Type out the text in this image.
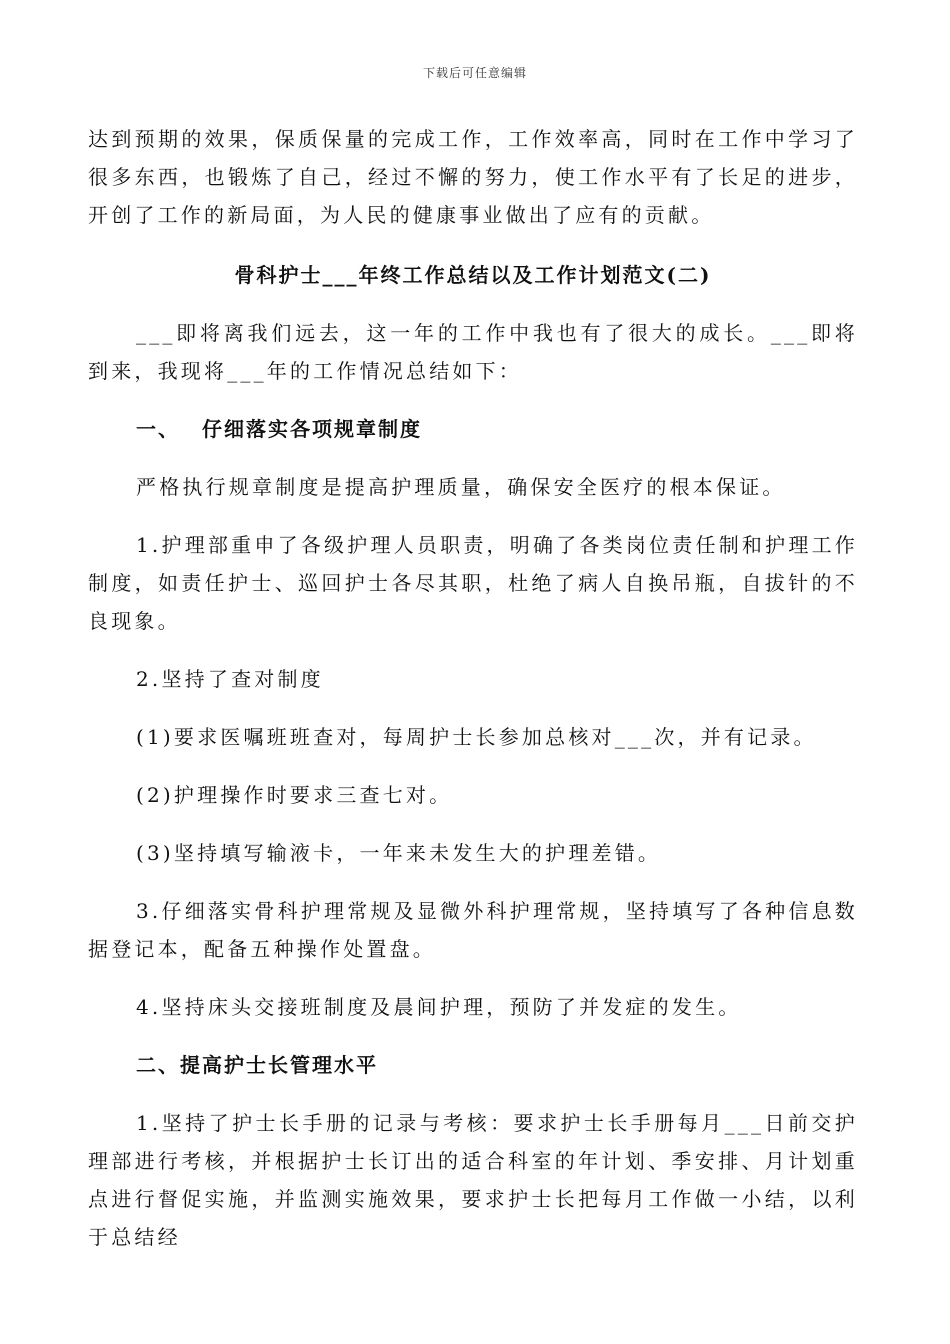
下载后可任意编辑

达到预期的效果，保质保量的完成工作，工作效率高，同时在工作中学习了很多东西，也锻炼了自己，经过不懈的努力，使工作水平有了长足的进步，开创了工作的新局面，为人民的健康事业做出了应有的贡献。

骨科护士___年终工作总结以及工作计划范文(二)

___即将离我们远去，这一年的工作中我也有了很大的成长。___即将到来，我现将___年的工作情况总结如下：

一、 仔细落实各项规章制度

严格执行规章制度是提高护理质量，确保安全医疗的根本保证。

1.护理部重申了各级护理人员职责，明确了各类岗位责任制和护理工作制度，如责任护士、巡回护士各尽其职，杜绝了病人自换吊瓶，自拔针的不良现象。

2.坚持了查对制度

(1)要求医嘱班班查对，每周护士长参加总核对___次，并有记录。

(2)护理操作时要求三查七对。

(3)坚持填写输液卡，一年来未发生大的护理差错。

3.仔细落实骨科护理常规及显微外科护理常规，坚持填写了各种信息数据登记本，配备五种操作处置盘。

4.坚持床头交接班制度及晨间护理，预防了并发症的发生。

二、提高护士长管理水平

1.坚持了护士长手册的记录与考核：要求护士长手册每月___日前交护理部进行考核，并根据护士长订出的适合科室的年计划、季安排、月计划重点进行督促实施，并监测实施效果，要求护士长把每月工作做一小结，以利于总结经
